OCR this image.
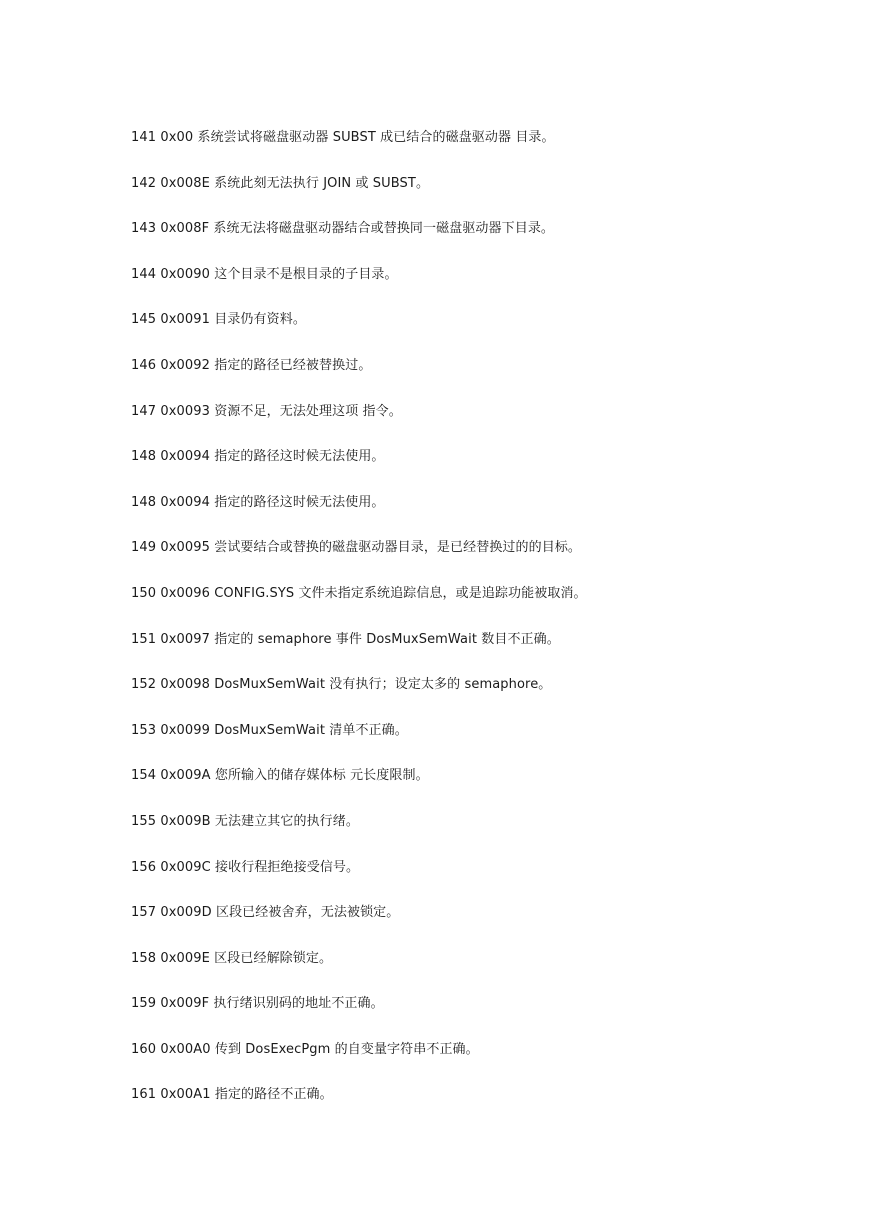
141 0x00 系统尝试将磁盘驱动器 SUBST 成已结合的磁盘驱动器 目录。
142 0x008E 系统此刻无法执行 JOIN 或 SUBST。
143 0x008F 系统无法将磁盘驱动器结合或替换同一磁盘驱动器下目录。
144 0x0090 这个目录不是根目录的子目录。
145 0x0091 目录仍有资料。
146 0x0092 指定的路径已经被替换过。
147 0x0093 资源不足，无法处理这项 指令。
148 0x0094 指定的路径这时候无法使用。
148 0x0094 指定的路径这时候无法使用。
149 0x0095 尝试要结合或替换的磁盘驱动器目录，是已经替换过的的目标。
150 0x0096 CONFIG.SYS 文件未指定系统追踪信息，或是追踪功能被取消。
151 0x0097 指定的 semaphore 事件 DosMuxSemWait 数目不正确。
152 0x0098 DosMuxSemWait 没有执行；设定太多的 semaphore。
153 0x0099 DosMuxSemWait 清单不正确。
154 0x009A 您所输入的储存媒体标 元长度限制。
155 0x009B 无法建立其它的执行绪。
156 0x009C 接收行程拒绝接受信号。
157 0x009D 区段已经被舍弃，无法被锁定。
158 0x009E 区段已经解除锁定。
159 0x009F 执行绪识别码的地址不正确。
160 0x00A0 传到 DosExecPgm 的自变量字符串不正确。
161 0x00A1 指定的路径不正确。
